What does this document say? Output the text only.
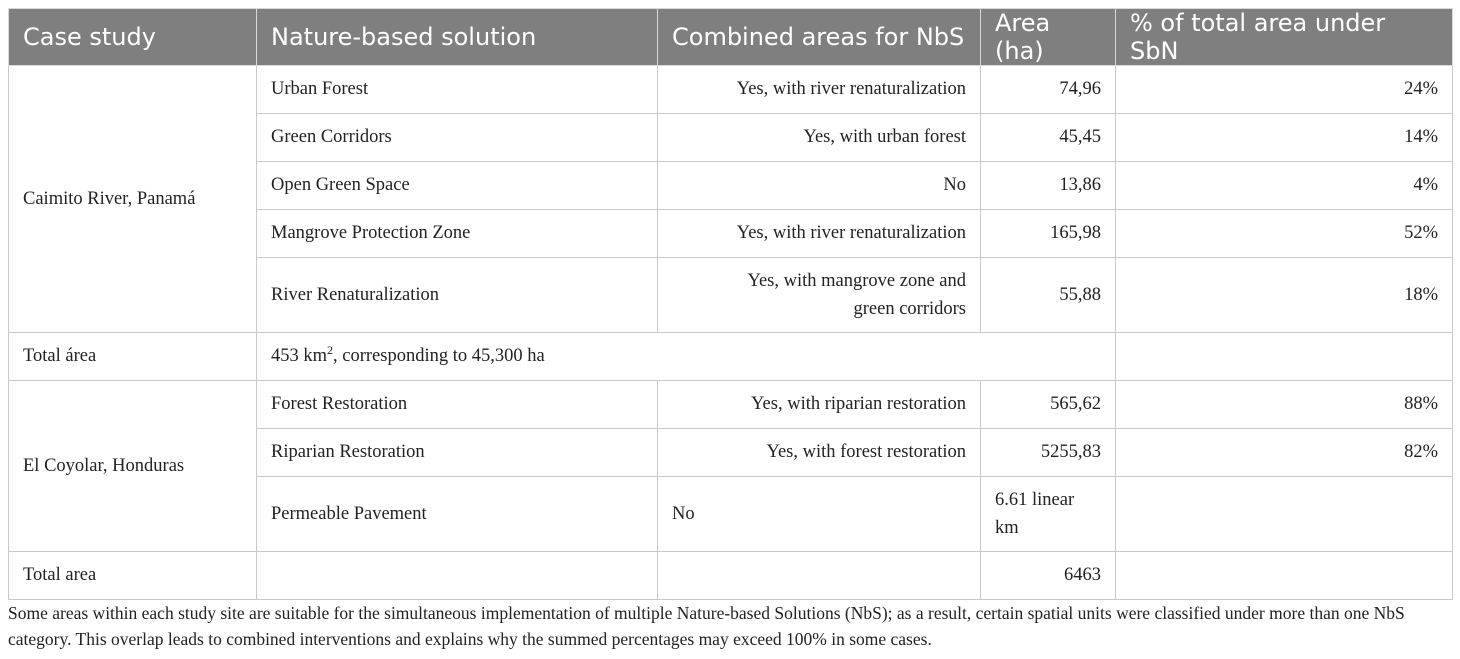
Case study	Nature-based solution	Combined areas for NbS	Area (ha)	% of total area under SbN
Caimito River, Panamá	Urban Forest	Yes, with river renaturalization	74,96	24%
	Green Corridors	Yes, with urban forest	45,45	14%
	Open Green Space	No	13,86	4%
	Mangrove Protection Zone	Yes, with river renaturalization	165,98	52%
	River Renaturalization	Yes, with mangrove zone and
green corridors	55,88	18%
Total área	453 $km^2$, corresponding to 45,300 ha			
El Coyolar, Honduras	Forest Restoration	Yes, with riparian restoration	565,62	88%
	Riparian Restoration	Yes, with forest restoration	5255,83	82%
	Permeable Pavement	No	6.61 linear
km	
Total area			6463	
Some areas within each study site are suitable for the simultaneous implementation of multiple Nature-based Solutions (NbS); as a result, certain spatial units were classified under more than one NbS category. This overlap leads to combined interventions and explains why the summed percentages may exceed 100% in some cases.
